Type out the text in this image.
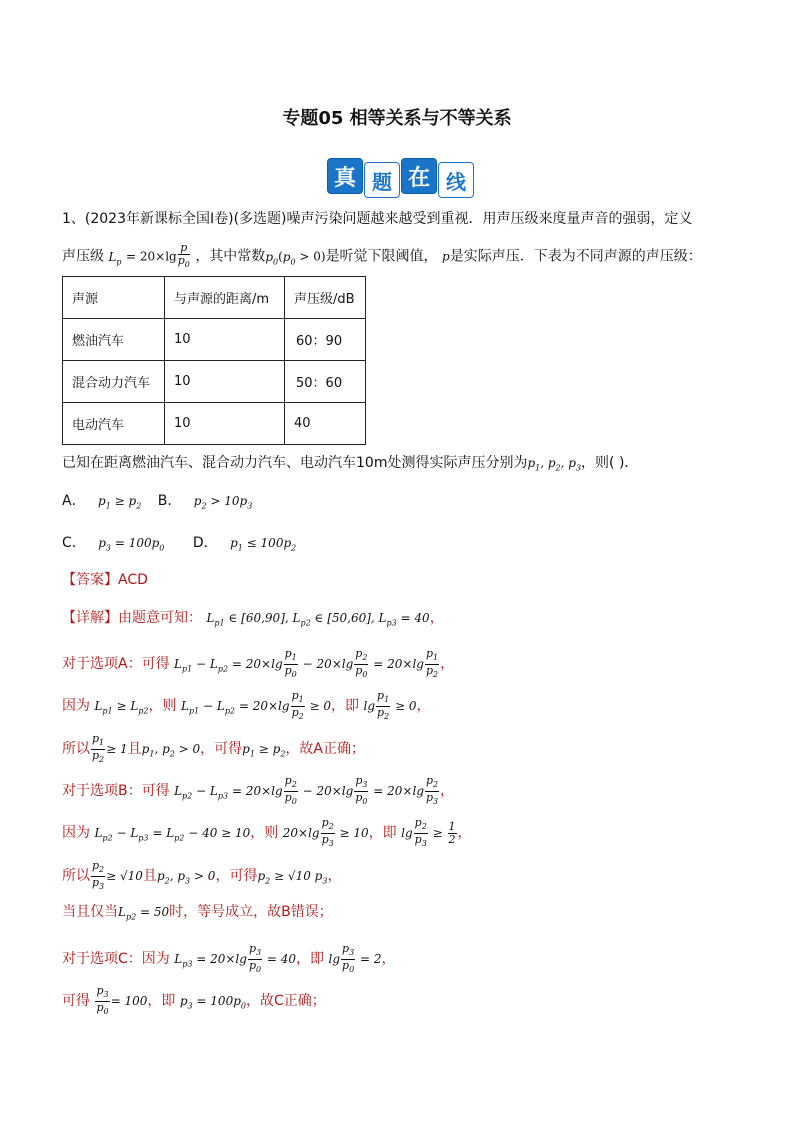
专题05 相等关系与不等关系
真 题 在 线
1、(2023年新课标全国Ⅰ卷)(多选题)噪声污染问题越来越受到重视．用声压级来度量声音的强弱，定义
声压级 $L_p = 20\times\lg \frac{p}{p_0}$ ，其中常数$p_0(p_0 > 0)$是听觉下限阈值， p是实际声压．下表为不同声源的声压级：
声源	与声源的距离/m	声压级/dB
燃油汽车	10	60：90
混合动力汽车	10	50：60
电动汽车	10	40
已知在距离燃油汽车、混合动力汽车、电动汽车10m处测得实际声压分别为$p_1$, $p_2$, $p_3$，则( )．
A． $p_1 \ge p_2$ B． $p_2 > 10p_3$
C． $p_3 = 100p_0$ D． $p_1 \le 100p_2$
【答案】ACD
【详解】由题意可知： $L_{p1}$ ∈ [60,90], $L_{p2}$ ∈ [50,60], $L_{p3} = 40$，
对于选项A：可得 $L_{p1} - L_{p2} = 20\times\lg \frac{p_1}{p_0} - 20\times\lg \frac{p_2}{p_0} = 20\times\lg \frac{p_1}{p_2}$ ，
因为 $L_{p1} \ge L_{p2}$，则 $L_{p1} - L_{p2} = 20\times\lg \frac{p_1}{p_2} \ge 0$，即 $\lg \frac{p_1}{p_2} \ge 0$，
所以 $\frac{p_1}{p_2} \ge 1$且$p_1$, $p_2 > 0$，可得$p_1 \ge p_2$，故A正确；
对于选项B：可得 $L_{p2} - L_{p3} = 20\times\lg \frac{p_2}{p_0} - 20\times\lg \frac{p_3}{p_0} = 20\times\lg \frac{p_2}{p_3}$ ，
因为 $L_{p2} - L_{p3} = L_{p2} - 40 \ge 10$，则 $20\times\lg \frac{p_2}{p_3} \ge 10$，即 $\lg \frac{p_2}{p_3} \ge \frac{1}{2}$ ，
所以 $\frac{p_2}{p_3} \ge √10$且$p_2$, $p_3 > 0$，可得$p_2 \ge √10$ $p_3$，
当且仅当$L_{p2} = 50$时，等号成立，故B错误；
对于选项C：因为 $L_{p3} = 20\times\lg \frac{p_3}{p_0} = 40$，即 $\lg \frac{p_3}{p_0} = 2$，
可得 $\frac{p_3}{p_0} = 100$，即 $p_3 = 100p_0$，故C正确；
